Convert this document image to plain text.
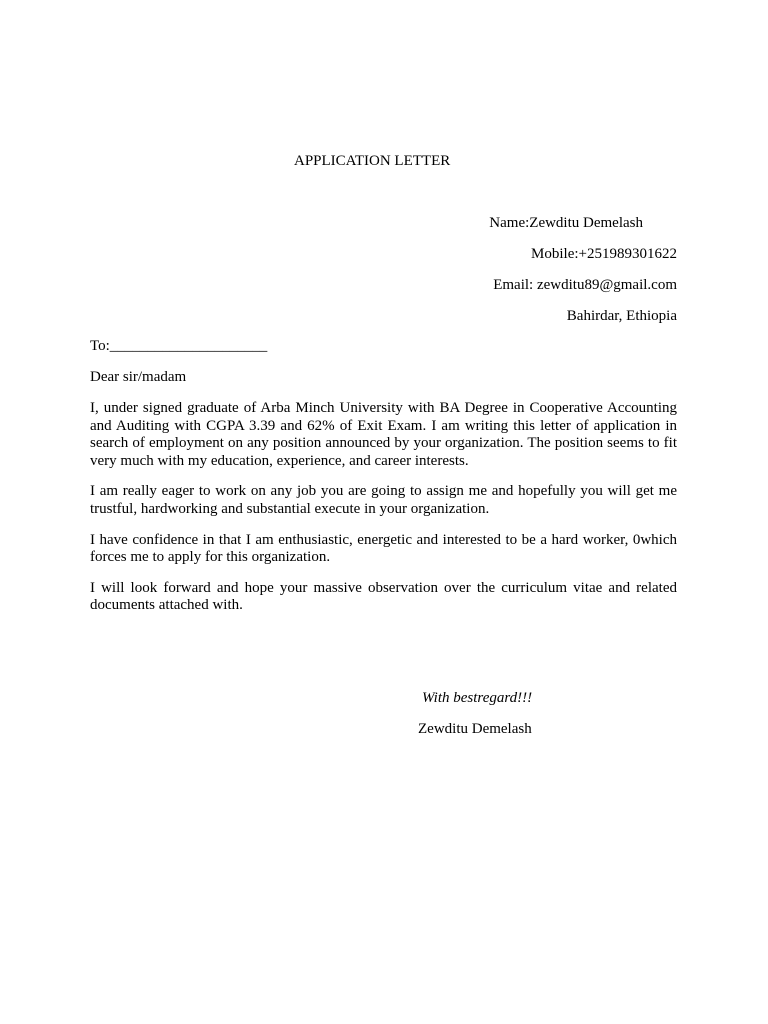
APPLICATION LETTER
Name:Zewditu Demelash
Mobile:+251989301622
Email: zewditu89@gmail.com
Bahirdar, Ethiopia
To:_____________________
Dear sir/madam

I, under signed graduate of Arba Minch University with BA Degree in Cooperative Accounting and Auditing with CGPA 3.39 and 62% of Exit Exam. I am writing this letter of application in search of employment on any position announced by your organization. The position seems to fit very much with my education, experience, and career interests.

I am really eager to work on any job you are going to assign me and hopefully you will get me trustful, hardworking and substantial execute in your organization.

I have confidence in that I am enthusiastic, energetic and interested to be a hard worker, 0which forces me to apply for this organization.

I will look forward and hope your massive observation over the curriculum vitae and related documents attached with.

With bestregard!!!
Zewditu Demelash
